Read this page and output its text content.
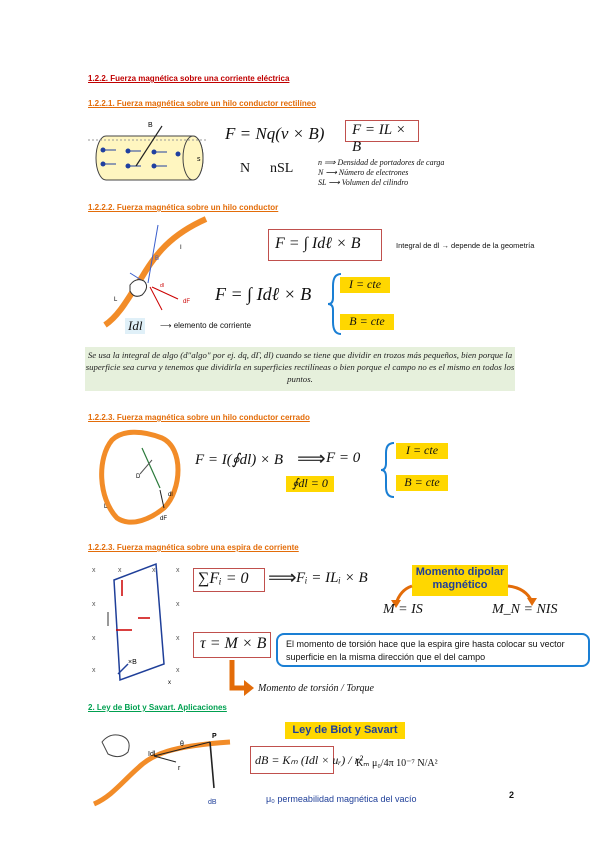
1.2.2. Fuerza magnética sobre una corriente eléctrica
1.2.2.1. Fuerza magnética sobre un hilo conductor rectilíneo
B
s
F = Nq(v × B) F = IL × B
N nSL	n ⟹ Densidad de portadores de carga
N ⟶ Número de electrones
SL ⟶ Volumen del cilindro
1.2.2.2. Fuerza magnética sobre un hilo conductor
B
I
L	dF
dl
Idl	⟶ elemento de corriente
F = ∫ Idℓ × B	Integral de dl → depende de la geometría
F = ∫ Idℓ × B	I = cte
B = cte
Se usa la integral de algo (d"algo" por ej. dq, dΓ, dl) cuando se tiene que dividir en trozos más pequeños, bien porque la superficie sea curva y tenemos que dividirla en superficies rectilíneas o bien porque el campo no es el mismo en todos los puntos.
1.2.2.3. Fuerza magnética sobre un hilo conductor cerrado
D
L
dl
dF
F = I(∮dl) × B ⟹ F = 0
∮dl = 0
I = cte
B = cte
1.2.2.3. Fuerza magnética sobre una espira de corriente
x	x	x	x
x	x
x	x
x	x
×B
x
∑Fᵢ = 0 ⟹ Fᵢ = ILᵢ × B	Momento dipolar magnético
M = IS	M_N = NIS
τ = M × B	El momento de torsión hace que la espira gire hasta colocar su vector superficie en la misma dirección que el del campo
Momento de torsión / Torque
2. Ley de Biot y Savart. Aplicaciones
Idl
θ
P
r
dB
Ley de Biot y Savart
dB = Kₘ (Idl × uᵣ) / r²
Kₘ μ₀/4π 10⁻⁷ N/A²
μ₀ permeabilidad magnética del vacío	2
